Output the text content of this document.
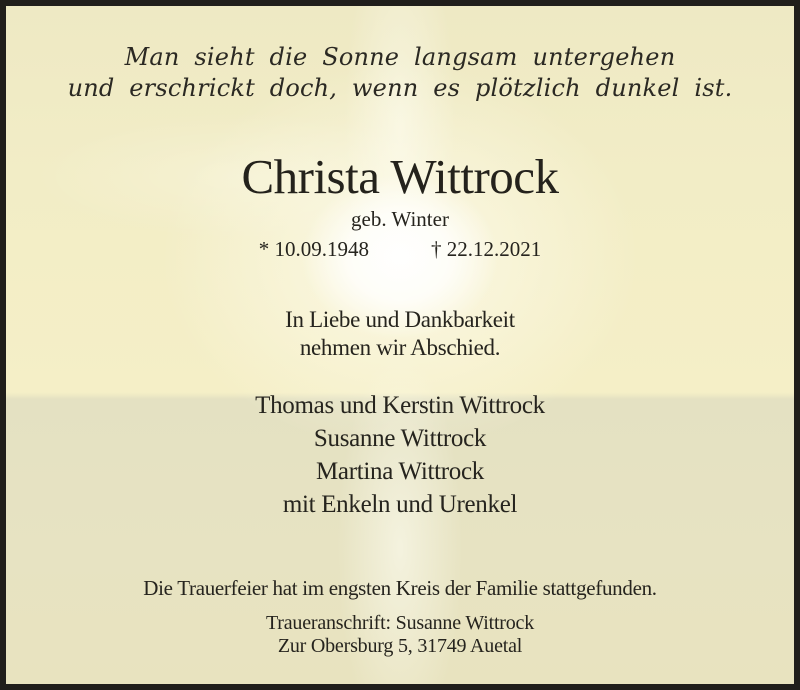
Man sieht die Sonne langsam untergehen
und erschrickt doch, wenn es plötzlich dunkel ist.
Christa Wittrock
geb. Winter
* 10.09.1948	† 22.12.2021
In Liebe und Dankbarkeit
nehmen wir Abschied.
Thomas und Kerstin Wittrock
Susanne Wittrock
Martina Wittrock
mit Enkeln und Urenkel
Die Trauerfeier hat im engsten Kreis der Familie stattgefunden.
Traueranschrift: Susanne Wittrock
Zur Obersburg 5, 31749 Auetal
